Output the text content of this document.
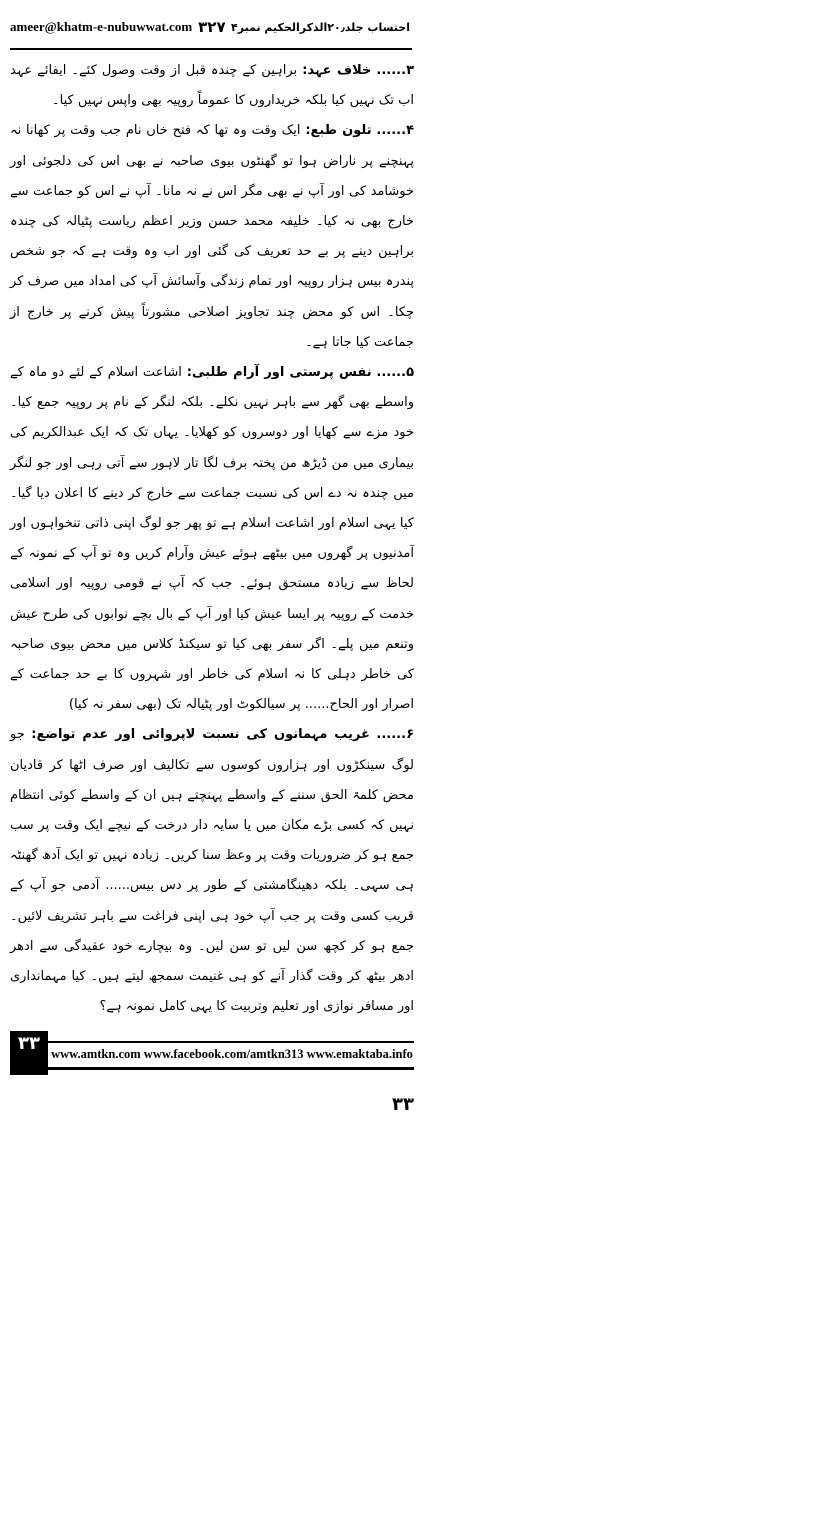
ameer@khatm-e-nubuwwat.com ۳۲۷ احتساب جلد۲۰٫الذکرالحکیم نمبر۴

۳...... خلاف عہد: براہین کے چندہ قبل از وقت وصول کئے۔ ایفائے عہد اب تک نہیں کیا بلکہ خریداروں کا عموماً روپیہ بھی واپس نہیں کیا۔

۴...... تلون طبع: ایک وقت وہ تھا کہ فتح خاں نام جب وقت پر کھانا نہ پہنچنے پر ناراض ہوا تو گھنٹوں بیوی صاحبہ نے بھی اس کی دلجوئی اور خوشامد کی اور آپ نے بھی مگر اس نے نہ مانا۔ آپ نے اس کو جماعت سے خارج بھی نہ کیا۔ خلیفہ محمد حسن وزیر اعظم ریاست پٹیالہ کی چندہ براہین دینے پر بے حد تعریف کی گئی اور اب وہ وقت ہے کہ جو شخص پندرہ بیس ہزار روپیہ اور تمام زندگی وآسائش آپ کی امداد میں صرف کر چکا۔ اس کو محض چند تجاویز اصلاحی مشورتاً پیش کرنے پر خارج از جماعت کیا جاتا ہے۔

۵...... نفس پرستی اور آرام طلبی: اشاعت اسلام کے لئے دو ماہ کے واسطے بھی گھر سے باہر نہیں نکلے۔ بلکہ لنگر کے نام پر روپیہ جمع کیا۔ خود مزے سے کھایا اور دوسروں کو کھلایا۔ یہاں تک کہ ایک عبدالکریم کی بیماری میں من ڈیڑھ من پختہ برف لگا تار لاہور سے آتی رہی اور جو لنگر میں چندہ نہ دے اس کی نسبت جماعت سے خارج کر دینے کا اعلان دیا گیا۔ کیا یہی اسلام اور اشاعت اسلام ہے تو پھر جو لوگ اپنی ذاتی تنخواہوں اور آمدنیوں پر گھروں میں بیٹھے ہوئے عیش وآرام کریں وہ تو آپ کے نمونہ کے لحاظ سے زیادہ مستحق ہوئے۔ جب کہ آپ نے قومی روپیہ اور اسلامی خدمت کے روپیہ پر ایسا عیش کیا اور آپ کے بال بچے نوابوں کی طرح عیش وتنعم میں پلے۔ اگر سفر بھی کیا تو سیکنڈ کلاس میں محض بیوی صاحبہ کی خاطر دہلی کا نہ اسلام کی خاطر اور شہروں کا بے حد جماعت کے اصرار اور الحاح...... پر سیالکوٹ اور پٹیالہ تک (بھی سفر نہ کیا)

۶...... غریب مہمانوں کی نسبت لاپروائی اور عدم تواضع: جو لوگ سینکڑوں اور ہزاروں کوسوں سے تکالیف اور صرف اٹھا کر قادیان محض کلمۃ الحق سننے کے واسطے پہنچتے ہیں ان کے واسطے کوئی انتظام نہیں کہ کسی بڑے مکان میں یا سایہ دار درخت کے نیچے ایک وقت پر سب جمع ہو کر ضروریات وقت پر وعظ سنا کریں۔ زیادہ نہیں تو ایک آدھ گھنٹہ ہی سہی۔ بلکہ دھینگامشتی کے طور پر دس بیس...... آدمی جو آپ کے قریب کسی وقت پر جب آپ خود ہی اپنی فراغت سے باہر تشریف لائیں۔ جمع ہو کر کچھ سن لیں تو سن لیں۔ وہ بیچارے خود عقیدگی سے ادھر ادھر بیٹھ کر وقت گذار آنے کو ہی غنیمت سمجھ لیتے ہیں۔ کیا مہمانداری اور مسافر نوازی اور تعلیم وتربیت کا یہی کامل نمونہ ہے؟

۳۳ www.amtkn.com www.facebook.com/amtkn313 www.emaktaba.info
۳۳
